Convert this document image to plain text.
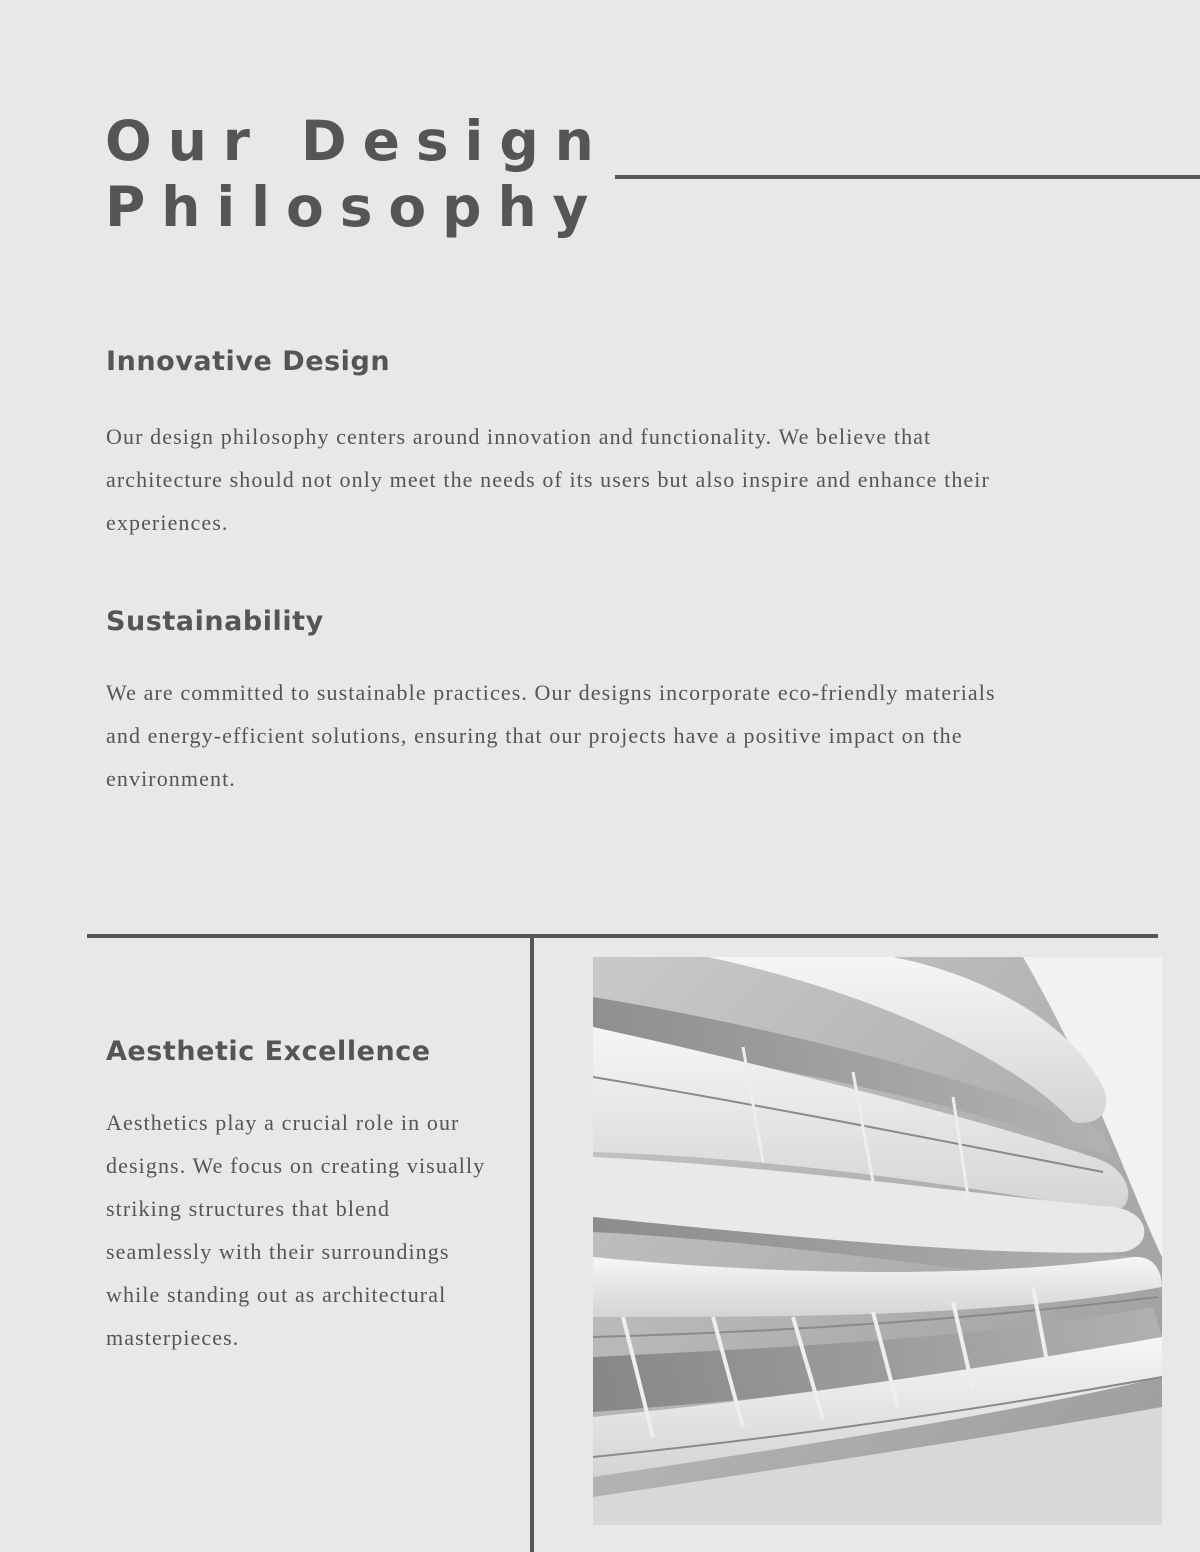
Our Design
Philosophy
Innovative Design

Our design philosophy centers around innovation and functionality. We believe that architecture should not only meet the needs of its users but also inspire and enhance their experiences.

Sustainability

We are committed to sustainable practices. Our designs incorporate eco-friendly materials and energy-efficient solutions, ensuring that our projects have a positive impact on the environment.

Aesthetic Excellence

Aesthetics play a crucial role in our designs. We focus on creating visually striking structures that blend seamlessly with their surroundings while standing out as architectural masterpieces.
